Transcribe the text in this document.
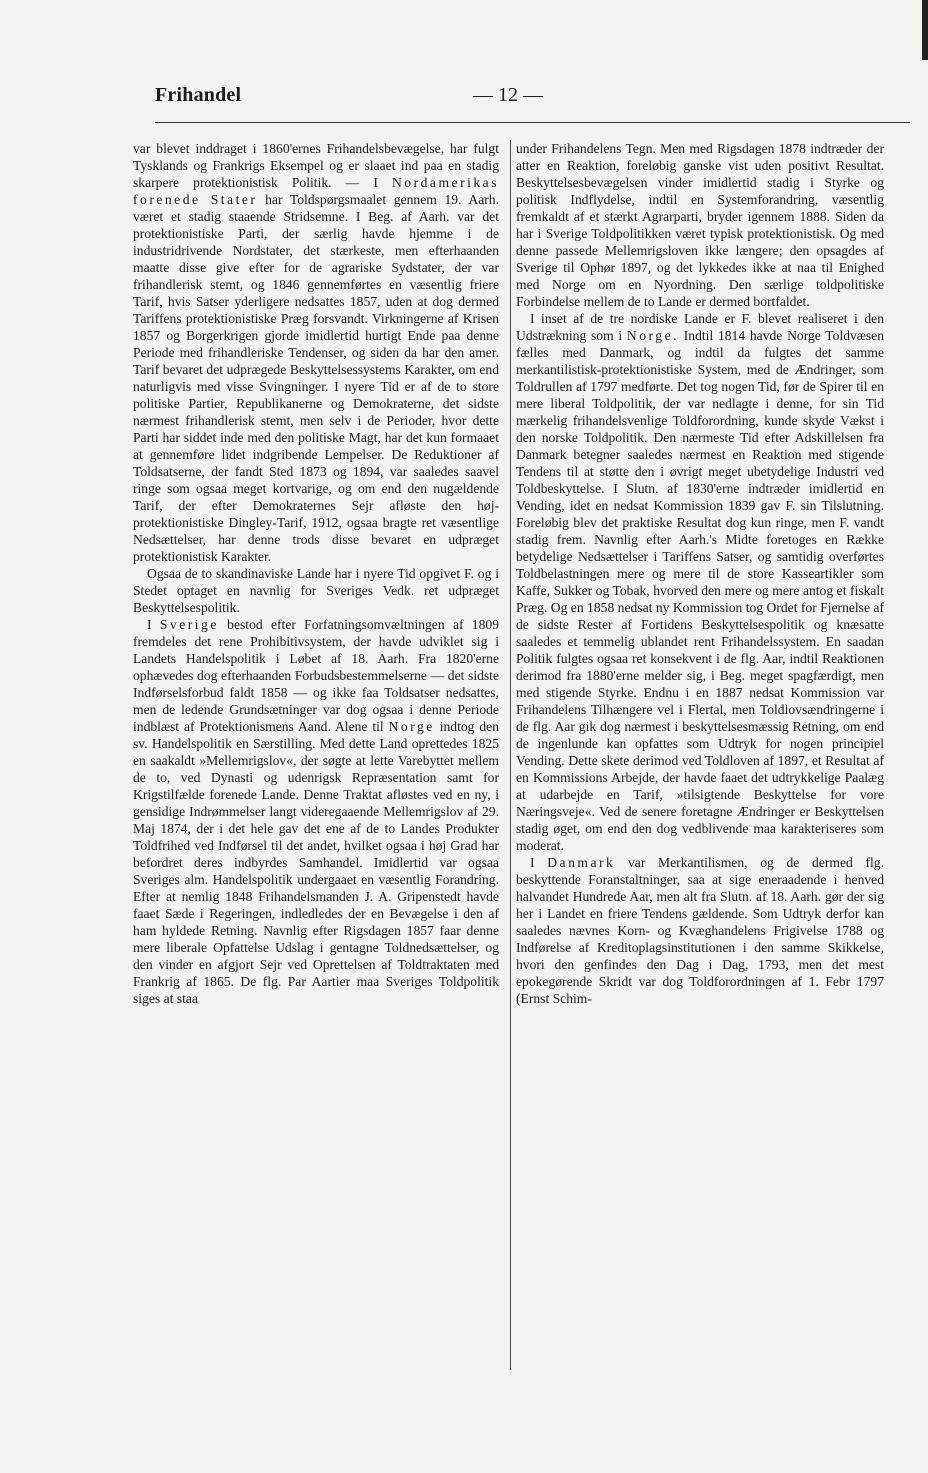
Frihandel	— 12 —

var blevet inddraget i 1860'ernes Frihandelsbevægelse, har fulgt Tysklands og Frankrigs Eksempel og er slaaet ind paa en stadig skarpere protektionistisk Politik. — I Nordamerikas forenede Stater har Toldspørgsmaalet gennem 19. Aarh. været et stadig staaende Stridsemne. I Beg. af Aarh. var det protektionistiske Parti, der særlig havde hjemme i de industridrivende Nordstater, det stærkeste, men efterhaanden maatte disse give efter for de agrariske Sydstater, der var frihandlerisk stemt, og 1846 gennemførtes en væsentlig friere Tarif, hvis Satser yderligere nedsattes 1857, uden at dog dermed Tariffens protektionistiske Præg forsvandt. Virkningerne af Krisen 1857 og Borgerkrigen gjorde imidlertid hurtigt Ende paa denne Periode med frihandleriske Tendenser, og siden da har den amer. Tarif bevaret det udprægede Beskyttelsessystems Karakter, om end naturligvis med visse Svingninger. I nyere Tid er af de to store politiske Partier, Republikanerne og Demokraterne, det sidste nærmest frihandlerisk stemt, men selv i de Perioder, hvor dette Parti har siddet inde med den politiske Magt, har det kun formaaet at gennemføre lidet indgribende Lempelser. De Reduktioner af Toldsatserne, der fandt Sted 1873 og 1894, var saaledes saavel ringe som ogsaa meget kortvarige, og om end den nugældende Tarif, der efter Demokraternes Sejr afløste den høj-protektionistiske Dingley-Tarif, 1912, ogsaa bragte ret væsentlige Nedsættelser, har denne trods disse bevaret en udpræget protektionistisk Karakter.

Ogsaa de to skandinaviske Lande har i nyere Tid opgivet F. og i Stedet optaget en navnlig for Sveriges Vedk. ret udpræget Beskyttelsespolitik.

I Sverige bestod efter Forfatningsomvæltningen af 1809 fremdeles det rene Prohibitivsystem, der havde udviklet sig i Landets Handelspolitik i Løbet af 18. Aarh. Fra 1820'erne ophævedes dog efterhaanden Forbudsbestemmelserne — det sidste Indførselsforbud faldt 1858 — og ikke faa Toldsatser nedsattes, men de ledende Grundsætninger var dog ogsaa i denne Periode indblæst af Protektionismens Aand. Alene til Norge indtog den sv. Handelspolitik en Særstilling. Med dette Land oprettedes 1825 en saakaldt »Mellemrigslov«, der søgte at lette Varebyttet mellem de to, ved Dynasti og udenrigsk Repræsentation samt for Krigstilfælde forenede Lande. Denne Traktat afløstes ved en ny, i gensidige Indrømmelser langt videregaaende Mellemrigslov af 29. Maj 1874, der i det hele gav det ene af de to Landes Produkter Toldfrihed ved Indførsel til det andet, hvilket ogsaa i høj Grad har befordret deres indbyrdes Samhandel. Imidlertid var ogsaa Sveriges alm. Handelspolitik undergaaet en væsentlig Forandring. Efter at nemlig 1848 Frihandelsmanden J. A. Gripenstedt havde faaet Sæde i Regeringen, indledledes der en Bevægelse i den af ham hyldede Retning. Navnlig efter Rigsdagen 1857 faar denne mere liberale Opfattelse Udslag i gentagne Toldnedsættelser, og den vinder en afgjort Sejr ved Oprettelsen af Toldtraktaten med Frankrig af 1865. De flg. Par Aartier maa Sveriges Toldpolitik siges at staa

under Frihandelens Tegn. Men med Rigsdagen 1878 indtræder der atter en Reaktion, foreløbig ganske vist uden positivt Resultat. Beskyttelsesbevægelsen vinder imidlertid stadig i Styrke og politisk Indflydelse, indtil en Systemforandring, væsentlig fremkaldt af et stærkt Agrarparti, bryder igennem 1888. Siden da har i Sverige Toldpolitikken været typisk protektionistisk. Og med denne passede Mellemrigsloven ikke længere; den opsagdes af Sverige til Ophør 1897, og det lykkedes ikke at naa til Enighed med Norge om en Nyordning. Den særlige toldpolitiske Forbindelse mellem de to Lande er dermed bortfaldet.

I inset af de tre nordiske Lande er F. blevet realiseret i den Udstrækning som i Norge. Indtil 1814 havde Norge Toldvæsen fælles med Danmark, og indtil da fulgtes det samme merkantilistisk-protektionistiske System, med de Ændringer, som Toldrullen af 1797 medførte. Det tog nogen Tid, før de Spirer til en mere liberal Toldpolitik, der var nedlagte i denne, for sin Tid mærkelig frihandelsvenlige Toldforordning, kunde skyde Vækst i den norske Toldpolitik. Den nærmeste Tid efter Adskillelsen fra Danmark betegner saaledes nærmest en Reaktion med stigende Tendens til at støtte den i øvrigt meget ubetydelige Industri ved Toldbeskyttelse. I Slutn. af 1830'erne indtræder imidlertid en Vending, idet en nedsat Kommission 1839 gav F. sin Tilslutning. Foreløbig blev det praktiske Resultat dog kun ringe, men F. vandt stadig frem. Navnlig efter Aarh.'s Midte foretoges en Række betydelige Nedsættelser i Tariffens Satser, og samtidig overførtes Toldbelastningen mere og mere til de store Kasseartikler som Kaffe, Sukker og Tobak, hvorved den mere og mere antog et fiskalt Præg. Og en 1858 nedsat ny Kommission tog Ordet for Fjernelse af de sidste Rester af Fortidens Beskyttelsespolitik og knæsatte saaledes et temmelig ublandet rent Frihandelssystem. En saadan Politik fulgtes ogsaa ret konsekvent i de flg. Aar, indtil Reaktionen derimod fra 1880'erne melder sig, i Beg. meget spagfærdigt, men med stigende Styrke. Endnu i en 1887 nedsat Kommission var Frihandelens Tilhængere vel i Flertal, men Toldlovsændringerne i de flg. Aar gik dog nærmest i beskyttelsesmæssig Retning, om end de ingenlunde kan opfattes som Udtryk for nogen principiel Vending. Dette skete derimod ved Toldloven af 1897, et Resultat af en Kommissions Arbejde, der havde faaet det udtrykkelige Paalæg at udarbejde en Tarif, »tilsigtende Beskyttelse for vore Næringsveje«. Ved de senere foretagne Ændringer er Beskyttelsen stadig øget, om end den dog vedblivende maa karakteriseres som moderat.

I Danmark var Merkantilismen, og de dermed flg. beskyttende Foranstaltninger, saa at sige eneraadende i henved halvandet Hundrede Aar, men alt fra Slutn. af 18. Aarh. gør der sig her i Landet en friere Tendens gældende. Som Udtryk derfor kan saaledes nævnes Korn- og Kvæghandelens Frigivelse 1788 og Indførelse af Kreditoplagsinstitutionen i den samme Skikkelse, hvori den genfindes den Dag i Dag, 1793, men det mest epokegørende Skridt var dog Toldforordningen af 1. Febr 1797 (Ernst Schim-
